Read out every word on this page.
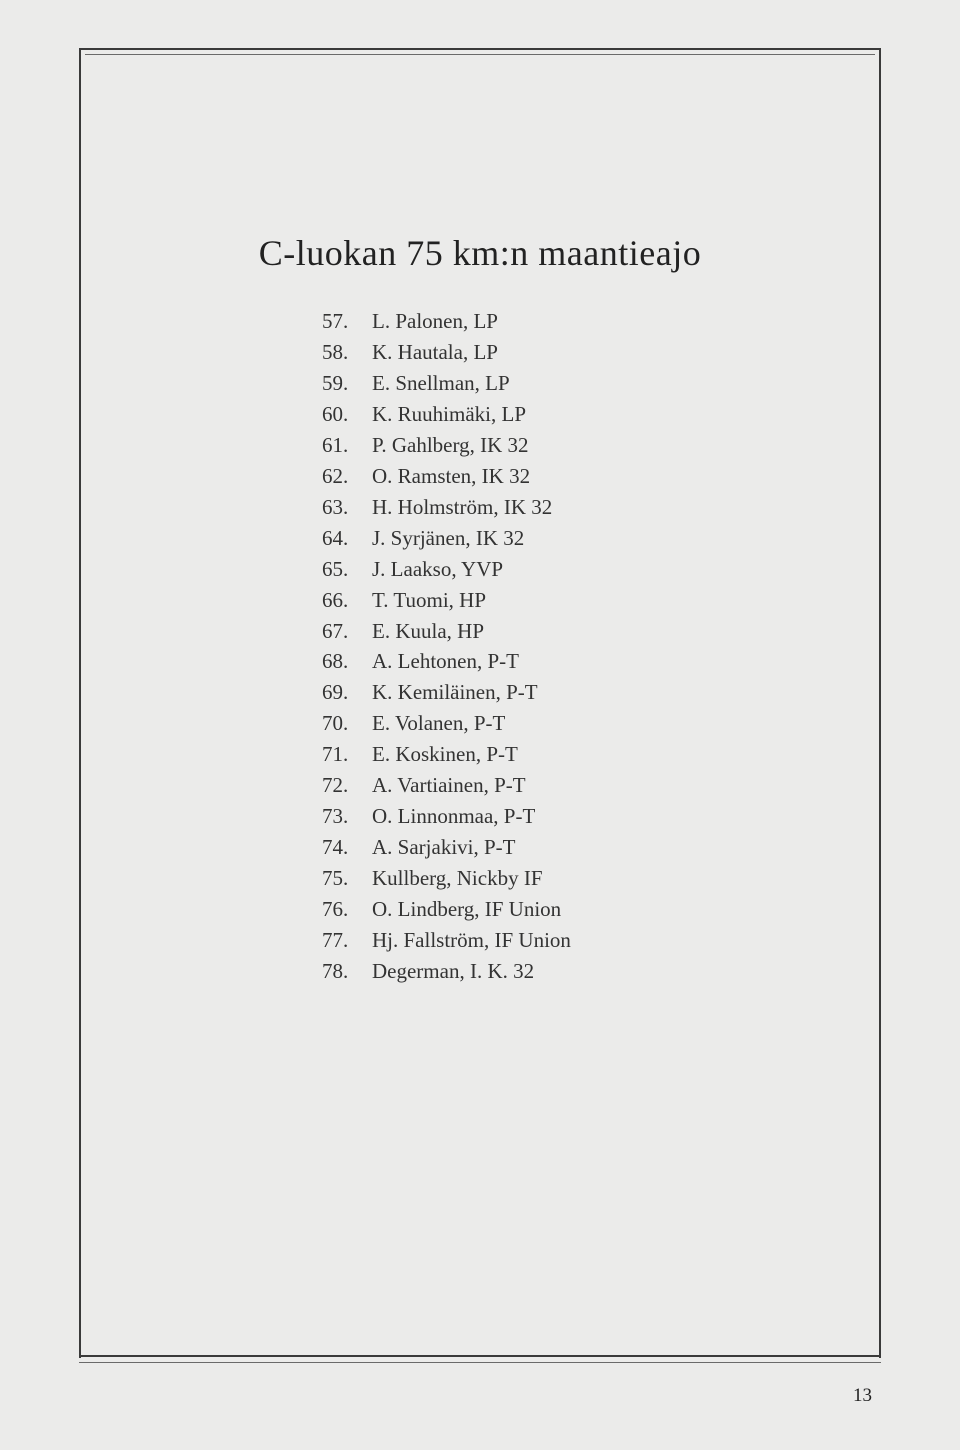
C-luokan 75 km:n maantieajo
57. L. Palonen, LP
58. K. Hautala, LP
59. E. Snellman, LP
60. K. Ruuhimäki, LP
61. P. Gahlberg, IK 32
62. O. Ramsten, IK 32
63. H. Holmström, IK 32
64. J. Syrjänen, IK 32
65. J. Laakso, YVP
66. T. Tuomi, HP
67. E. Kuula, HP
68. A. Lehtonen, P-T
69. K. Kemiläinen, P-T
70. E. Volanen, P-T
71. E. Koskinen, P-T
72. A. Vartiainen, P-T
73. O. Linnonmaa, P-T
74. A. Sarjakivi, P-T
75. Kullberg, Nickby IF
76. O. Lindberg, IF Union
77. Hj. Fallström, IF Union
78. Degerman, I. K. 32
13
